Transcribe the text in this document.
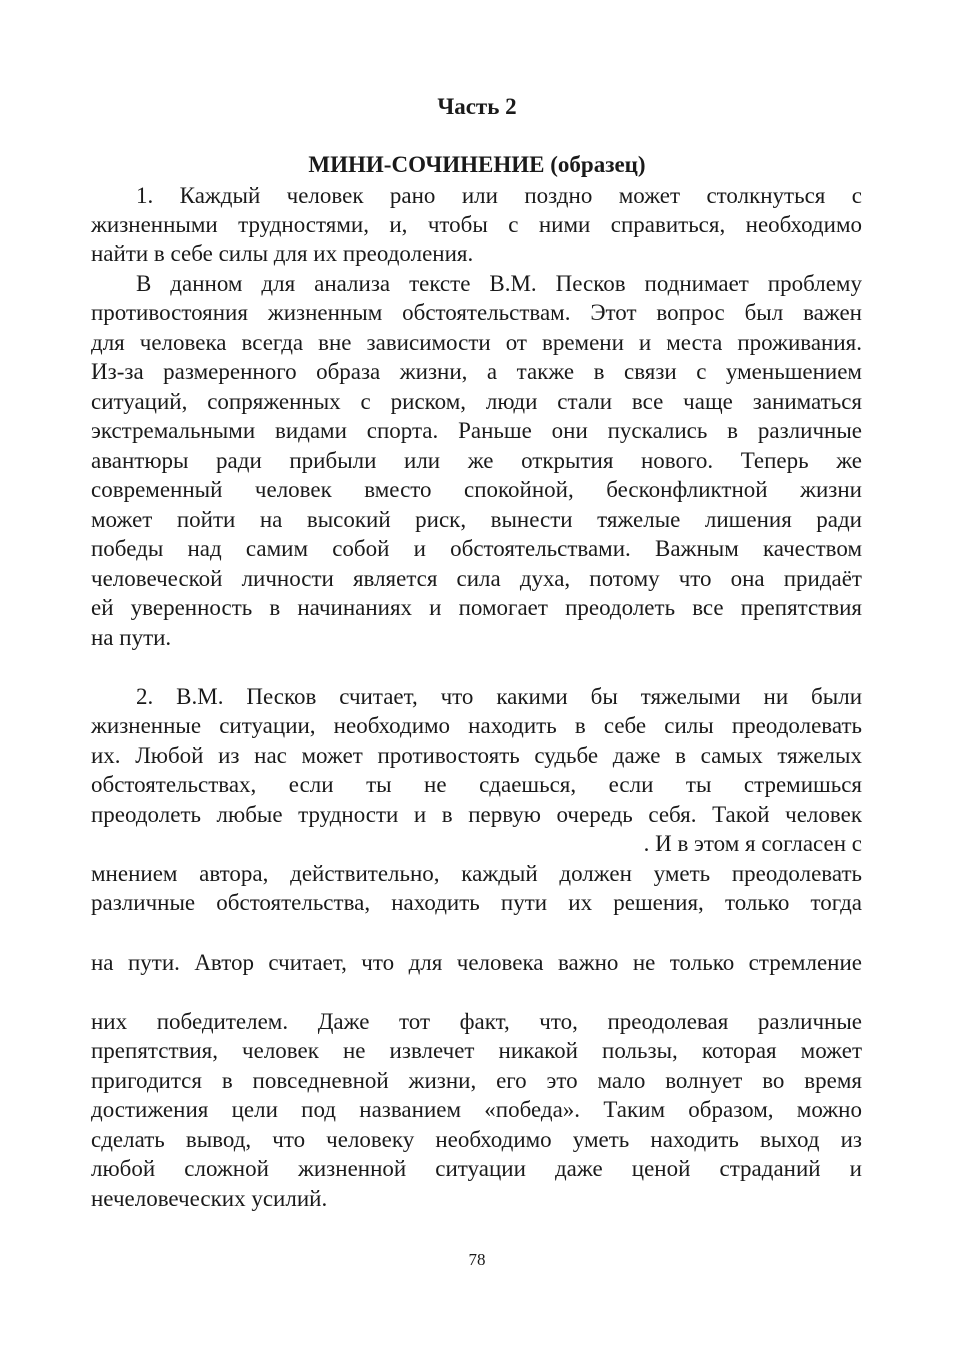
Часть 2
МИНИ-СОЧИНЕНИЕ (образец)
1. Каждый человек рано или поздно может столкнуться с
жизненными трудностями, и, чтобы с ними справиться, необходимо
найти в себе силы для их преодоления.
В данном для анализа тексте В.М. Песков поднимает проблему
противостояния жизненным обстоятельствам. Этот вопрос был важен
для человека всегда вне зависимости от времени и места проживания.
Из-за размеренного образа жизни, а также в связи с уменьшением
ситуаций, сопряженных с риском, люди стали все чаще заниматься
экстремальными видами спорта. Раньше они пускались в различные
авантюры ради прибыли или же открытия нового. Теперь же
современный человек вместо спокойной, бесконфликтной жизни
может пойти на высокий риск, вынести тяжелые лишения ради
победы над самим собой и обстоятельствами. Важным качеством
человеческой личности является сила духа, потому что она придаёт
ей уверенность в начинаниях и помогает преодолеть все препятствия
на пути.
2. В.М. Песков считает, что какими бы тяжелыми ни были
жизненные ситуации, необходимо находить в себе силы преодолевать
их. Любой из нас может противостоять судьбе даже в самых тяжелых
обстоятельствах, если ты не сдаешься, если ты стремишься
преодолеть любые трудности и в первую очередь себя. Такой человек
. И в этом я согласен с
мнением автора, действительно, каждый должен уметь преодолевать
различные обстоятельства, находить пути их решения, только тогда
на пути. Автор считает, что для человека важно не только стремление
них победителем. Даже тот факт, что, преодолевая различные
препятствия, человек не извлечет никакой пользы, которая может
пригодится в повседневной жизни, его это мало волнует во время
достижения цели под названием «победа». Таким образом, можно
сделать вывод, что человеку необходимо уметь находить выход из
любой сложной жизненной ситуации даже ценой страданий и
нечеловеческих усилий.
78
